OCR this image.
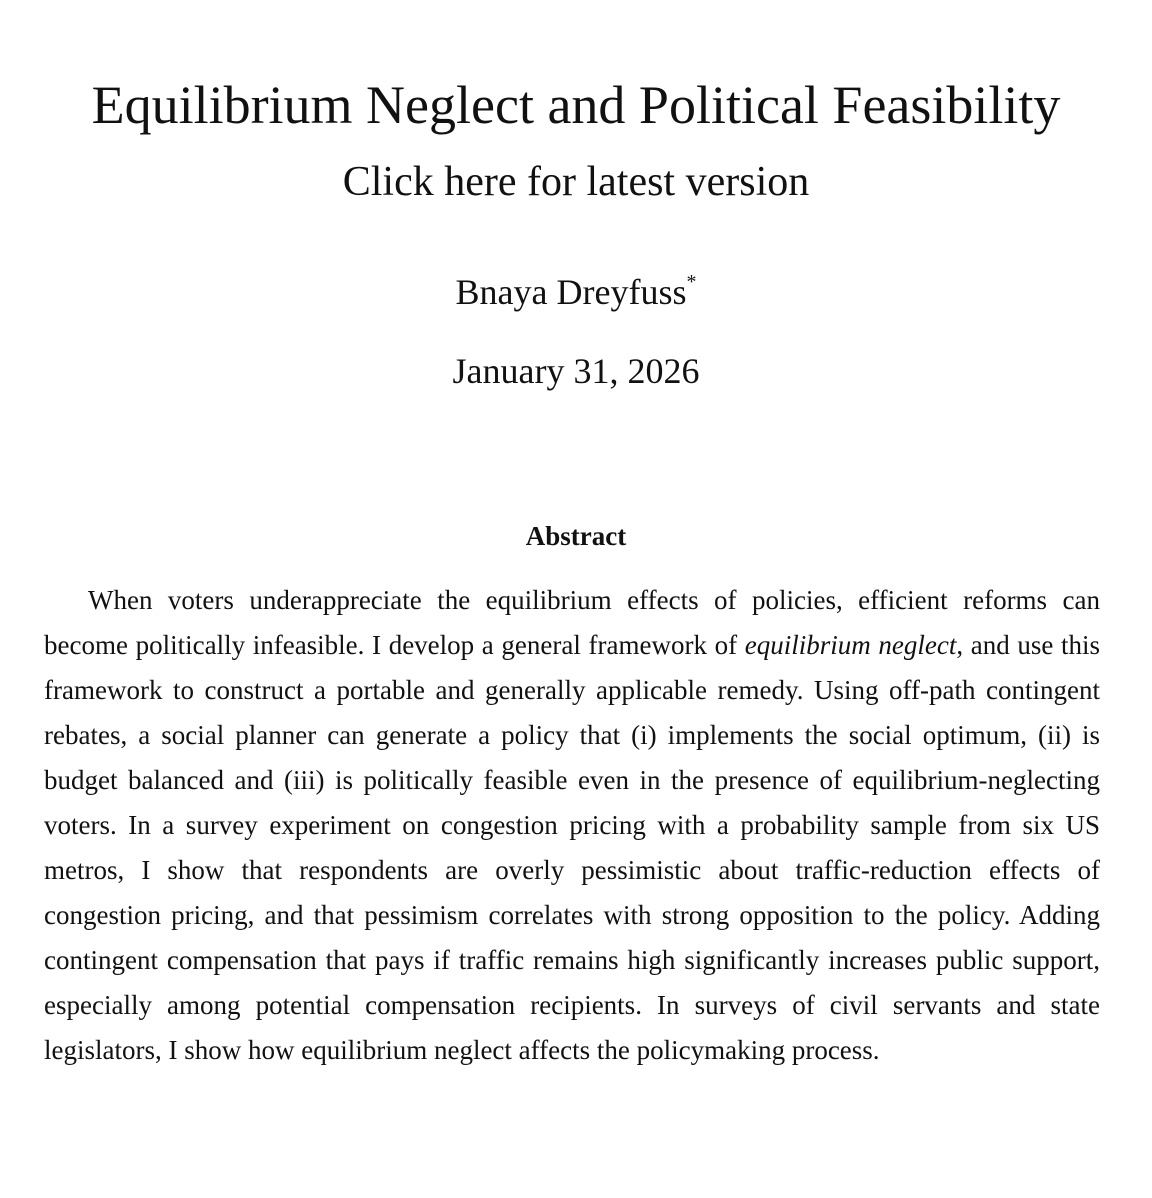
Equilibrium Neglect and Political Feasibility
Click here for latest version
Bnaya Dreyfuss*
January 31, 2026
Abstract

When voters underappreciate the equilibrium effects of policies, efficient reforms can become politically infeasible. I develop a general framework of equilibrium neglect, and use this framework to construct a portable and generally applicable remedy. Using off-path contingent rebates, a social planner can generate a policy that (i) implements the social optimum, (ii) is budget balanced and (iii) is politically feasible even in the presence of equilibrium-neglecting voters. In a survey experiment on congestion pricing with a probability sample from six US metros, I show that respondents are overly pessimistic about traffic-reduction effects of congestion pricing, and that pessimism correlates with strong opposition to the policy. Adding contingent compensation that pays if traffic remains high significantly increases public support, especially among potential compensation recipients. In surveys of civil servants and state legislators, I show how equilibrium neglect affects the policymaking process.
